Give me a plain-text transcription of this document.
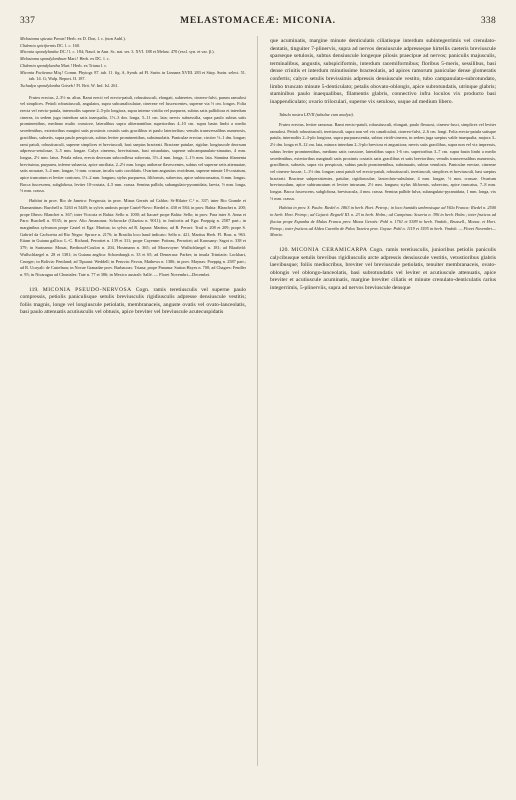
337	MELASTOMACEÆ: MICONIA.	338

Melastoma spicata Pavon! Herb. ex D. Don, l. c. (non Aubl.).

Clidemia spiciformis DC. l. c. 160.

Miconia spondylantha DC.! l. c. 184; Naud. in Ann. Sc. nat. ser. 3. XVI. 188 et Melast. 470 (excl. syn. et var. β.).

Melastoma spondylanthum Mart.! Herb. ex DC. l. c.

Clidemia spondylantha Mart.! Herb. ex Triana l. c.

Miconia Fockeana Miq.! Comm. Phytogr. 87. tab. 11. fig. A, Symb. ad Fl. Surin. in Linnaea XVIII. 283 et Stirp. Surin. select. 51. tab. 14. G; Walp. Report. II. 187.

Tschudya spondylantha Griseb.! Fl. Brit. W. Ind. Isl. 261.

Frutex erectus, 2–3½ m. altus. Rami erecti vel erecto-patuli, robustiusculi, elongati, subteretes, cinereo-fulvi, parum ramulosi vel simplices. Petioli robustiusculi, angulatos, supra subcanaliculatae, cinereae vel fuscescentes, superne via ½ cm. longos. Folia erecta vel erecto-patula, internodiis superne 2–5-plo longiora, supra intense viridia vel purpurea, subtus satis pallidiora et interdum cinerea, in sedem juga interdum satis inaequalia, 1½–3 dm. longa, 5–11 cm. lata; nervis subsessilia, supra paulo subtus satis prominentibus, mediano multo crassiore, lateralibus supra aliternantibus superioribus 4–10 cm. supra basin limbi a medio secedentibus, exterioribus margini satis proximis costatis satis gracilibus et paulo laterioribus; venulis transversalibus numerosis, gracilibus, subsetis, supra paulo perspicuis, subtus leviter prominentibus, subsinuolatis. Paniculae erectae, circiter ½–1 dm. longae; rami patuli, robustiusculi, superne simplices et breviusculi, basi saepius bracteati. Bracteae patulae, rigidae, longiuscule deorsum adpresso-setulosae, 3–5 mm. longae. Calyx cinereus, brevissimus, basi rotundatus, superne subcampanulato-sinuatus, 4 mm. longus, 2½ mm. latus. Petala rubra, erecta deorsum subconflexa subovata, 3½–4 mm. longa, 1–1½ mm. lata. Stamina filamenta brevissima, purpurea, inferne subaecta, apice unciliata, 2–2½ mm. longa; antherae flavescentes, subtus vel superne setis attenuatae, satis arcuatae, 3–4 mm. longae, ½ mm. crassae, incalis satis coroblatis. Ovarium angustius ovoideum, superne minute 10-costatum, apice truncatum et leviter conicum, 1½–2 mm. longum; stylus purpureus, filiformis, subrectus, apice subincrassatus, 6 mm. longus. Bacca fuscescens, subglobosa, leviter 10-costata, 4–5 mm. crassa. Semina pallida, subangulato-pyramidata, laevia, ½ mm. longa, ½ mm. crassa.

Habitat in prov. Rio de Janeiro: Fregrosia; in prov. Minas Geraës ad Caldas: St-Hilaire C.¹ n. 337; inter Rio Grande et Diamantinas: Burchell n. 5263 et 5449; in sylvis undosis prope Castel-Novo: Riedel n. 430 et 584; in prov. Bahia: Blanchet n. 200; prope Ilheos: Blanchet n. 367; inter Victoria et Bahia: Sello n. 1000; ad Itacaré prope Bahia: Sello; in prov. Para inter S. Anna et Para: Burchell n. 9535; in prov. Alto Amazonas: Schwacke (Glaziou n. 9011); in fruticetis ad Ega: Poeppig n. 2587 part.; in marginibus sylvarum prope Castel et Ega: Martius; in sylvis ad R. Japura: Martius; ad R. Peruvi: Trail n. 208 et 209; prope S. Gabriel da Cachoeira ad Rio Negro: Spruce n. 2176; in Brasilia loco haud indicato: Sello n. 421, Martius Herb. Fl. Bras. n. 963. Etiam in Guiana gallica: L.-C. Richard, Perrottet n. 139 et 311; prope Cayenne: Poiteau, Perrottet; ad Karouany: Sagot n. 338 et 379; in Surinamo: Mouat, Berthoud-Coulon n. 204, Hostmann n. 365; ad Moravoyne: Wullschlaegel n. 181; ad Blaafield: Wullschlaegel n. 28 et 1381; in Guiana anglica: Schomburgk n. 33 et 65; ad Demerara: Parker; in insula Trinitatis: Lockhart, Crueger; in Bolivia: Pentland; ad Tipuani: Weddell; in Peruvia: Pavon, Mathews n. 1386; in prov. Maynas: Poeppig n. 2587 part.; ad R. Ucayali: de Castelnau; in Novae Granadae prov. Barbacoas: Triana; prope Panama: Sutton Hayes n. 700; ad Chagres: Fendler n. 95; in Nicaragua ad Chontales: Tate n. 77 et 386; in Mexico australi: Sallé. — Floret Novembri—Decembri.

119. MICONIA PSEUDO-NERVOSA Cogn. ramis teretiusculis vel superne paulo compressis, petiolis paniculisque setulis breviusculis rigidiusculis adpresse densiuscule vestitis; foliis magnis, longe vel longiuscule petiolatis, membranaceis, anguste ovatis vel ovato-lanceolatis, basi paulo attenuatis acutiusculis vel obtusis, apice breviter vel breviuscule acutecuspidatis

que acuminatis, margine minute denticulatis ciliatisque interdum subintegerrimis vel crenulato-dentatis, tinguiter 7-plinervis, supra ad nervos densiuscule adpresseque hirtellis caeteris breviuscule sparseque setulosis, subtus densiuscule longeque pilosis praecipue ad nervos; paniculis majusculis, terminalibus, angustis, subspiciformis, interdum racemiformibus; floribus 5-meris, sessilibus, basi dense crinitis et interdum minutissime bracteolatis, ad apices ramorum paniculae dense glomeratis confertis; calyce setulis brevissimis adpressis densiuscule vestito, tubo campanulato-subrotundato, limbo truncato minute 5-denticulato; petalis obovato-oblongis, apice subrotundatis, utrinque glabris; staminibus paulo inaequalibus, filamentis glabris, connectivo infra loculos vix producto basi inappendiculato; ovario triloculari, superne vix setuloso, usque ad medium libero.

Tabula nostra LXVII (tabulae cum analysi).

Frutex erectus, leviter ramosus. Rami erecto-patuli, robustiusculi, elongati, paulo flexuosi, cinereo-fusci, simplices vel leviter ramulosi. Petioli robustiusculi, teretiusculi, supra non vel vix canaliculati, cinereo-fulvi, 2–6 cm. longi. Folia erecto-patula satisque patula, internodiis 2–4-plo longiora, supra purpurascentia, subtus viridi-cinerea, in sedem juga saepius valde inaequalia, majora 3–2½ dm. longa et 8–12 cm. lata, minora interdum 2–3-plo breviora et angustiora; nervis satis gracilibus, supra non vel vix impressis, subtus leviter prominentibus, mediano satis crassiore, lateralibus supra 1-6 cm. superioribus 3–7 cm. supra basin limbi a medio secedentibus, exterioribus marginali satis proximis costatis satis gracilibus et satis brevioribus; venulis transversalibus numerosis, gracillimis, subsetis, supra vix perspicuis, subtus paulo prominentibus, subsinuatis, subtus venulosis. Paniculae erectae, cinereae vel cinereo-fuscae, 1–1½ dm. longae; rami patuli vel erecto-patuli, robustiusculi, teretiusculi, simplices et breviusculi, basi saepius bracteati. Bracteae subpersistentes, patulae, rigidiusculae, lanceolato-subulatae, 4 mm. longae, ½ mm. crassae. Ovarium breviusculum, apice subtruncatum et leviter intrusum, 2½ mm. longum; stylus filiformis, subrectus, apice truncatus, 7–8 mm. longus. Bacca fuscescens, subglobosa, breviuscula, 4 mm. crassa. Semina pallide fulva, subangulato-pyramidata, 1 mm. longa, vix ½ mm. crassa.

Habitat in prov. S. Paulo: Riedel n. 1863 in herb. Hort. Petrop.; in loco humidis umbrosisque ad Villa Franca: Riedel n. 2500 in herb. Hort. Petrop.; ad Cajurú: Regnell III. n. 23 in herb. Holm.; ad Campinas: Scueria n. 396 in herb. Holm.; inter fruticos ad flucias prope Espanha de Malas Franca prov. Minas Geraës: Pohl n. 1761 et 5389 in herb. Vindob., Brussell., Monac. et Hort. Petrop.; inter fruticos ad Aldea Caretão de Palos Taxeira prov. Goyaz: Pohl n. 1119 et 1595 in herb. Vindob. — Floret Novembri—Martio.

120. MICONIA CERAMICARPA Cogn. ramis teretiusculis, junioribus petiolis paniculis calycibusque setulis brevibus rigidiusculis arcte adpressis densiuscule vestitis, vetustioribus glabris laevibusque; foliis mediocribus, breviter vel breviuscule petiolatis, tenuiter membranaceis, ovato-oblongis vel oblongo-lanceolatis, basi subrotundatis vel leviter et acutiuscule attenuatis, apice breviter et acutiuscule acuminatis, margine breviter ciliatis et minute crenulato-denticulatis rarius integerrimis, 5-plinerviis, supra ad nervos breviuscule densque
